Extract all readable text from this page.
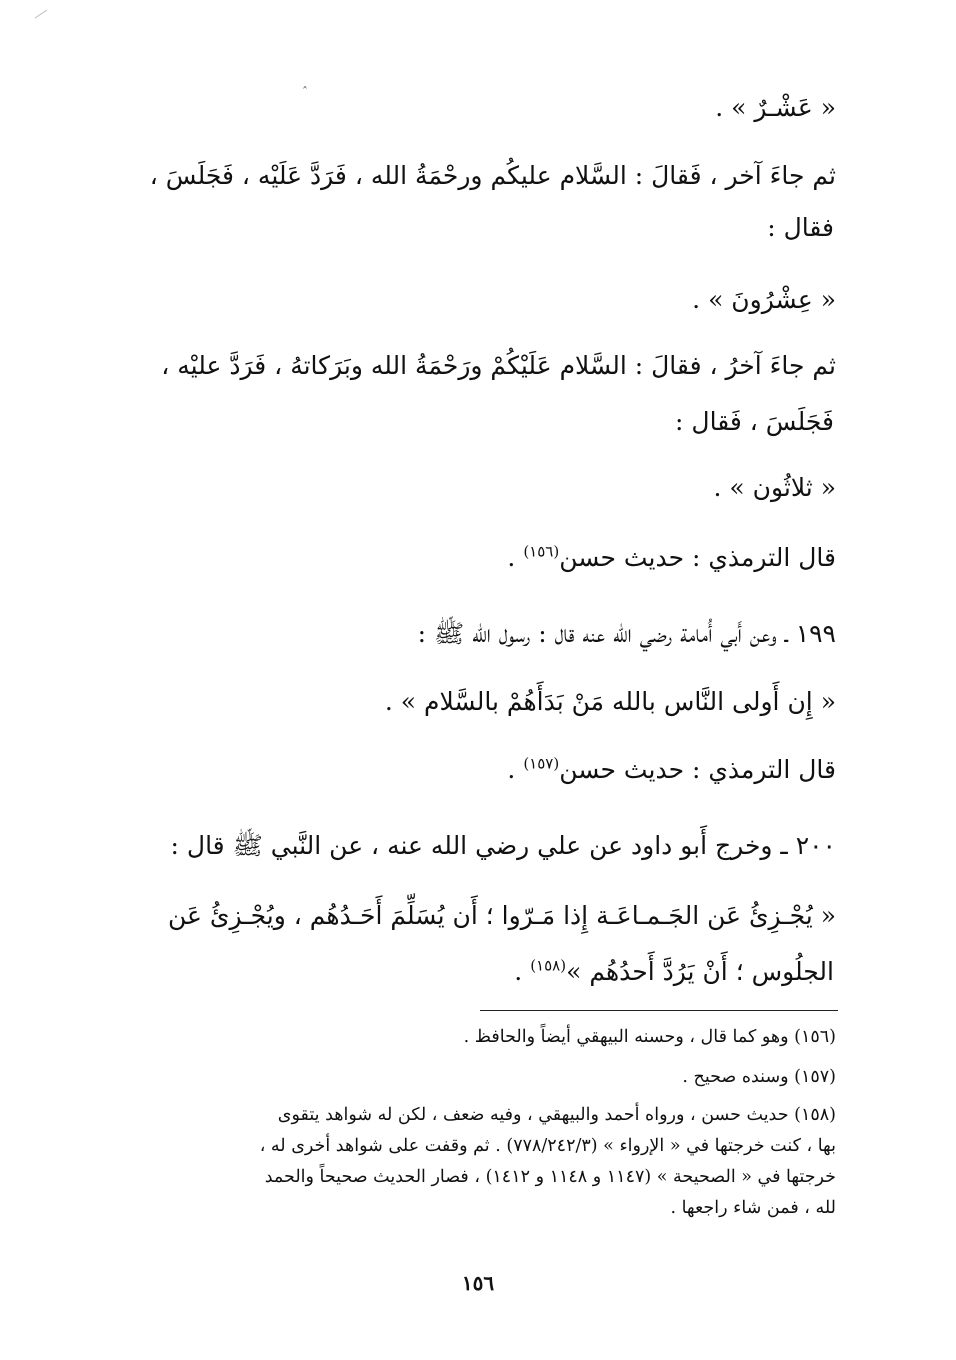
ˆ
« عَشْـرٌ » .
ثم جاءَ آخر ، فَقالَ : السَّلام عليكُم ورحْمَةُ الله ، فَرَدَّ عَلَيْه ، فَجَلَسَ ،
فقال :
« عِشْرُونَ » .
ثم جاءَ آخرُ ، فقالَ : السَّلام عَلَيْكُمْ ورَحْمَةُ الله وبَرَكاتهُ ، فَرَدَّ عليْه ،
فَجَلَسَ ، فَقال :
« ثلاثُون » .
قال الترمذي : حديث حسن$^{(١٥٦)}$ .
١٩٩ ـ وعن أَبي أُمامة رضي الله عنه قال : رسول الله ﷺ :
« إِن أَولى النَّاس بالله مَنْ بَدَأَهُمْ بالسَّلام » .
قال الترمذي : حديث حسن$^{(١٥٧)}$ .
٢٠٠ ـ وخرج أَبو داود عن علي رضي الله عنه ، عن النَّبي ﷺ قال :
« يُجْـزِئُ عَن الجَـمـاعَـة إِذا مَـرّوا ؛ أَن يُسَلِّمَ أَحَـدُهُم ، ويُجْـزِئُ عَن
الجلُوس ؛ أَنْ يَرُدَّ أَحدُهُم »$^{(١٥٨)}$ .
(١٥٦) وهو كما قال ، وحسنه البيهقي أيضاً والحافظ .
(١٥٧) وسنده صحيح .
(١٥٨) حديث حسن ، ورواه أحمد والبيهقي ، وفيه ضعف ، لكن له شواهد يتقوى
بها ، كنت خرجتها في « الإرواء » (٧٧٨/٢٤٢/٣) . ثم وقفت على شواهد أخرى له ،
خرجتها في « الصحيحة » (١١٤٧ و ١١٤٨ و ١٤١٢) ، فصار الحديث صحيحاً والحمد
لله ، فمن شاء راجعها .
١٥٦
